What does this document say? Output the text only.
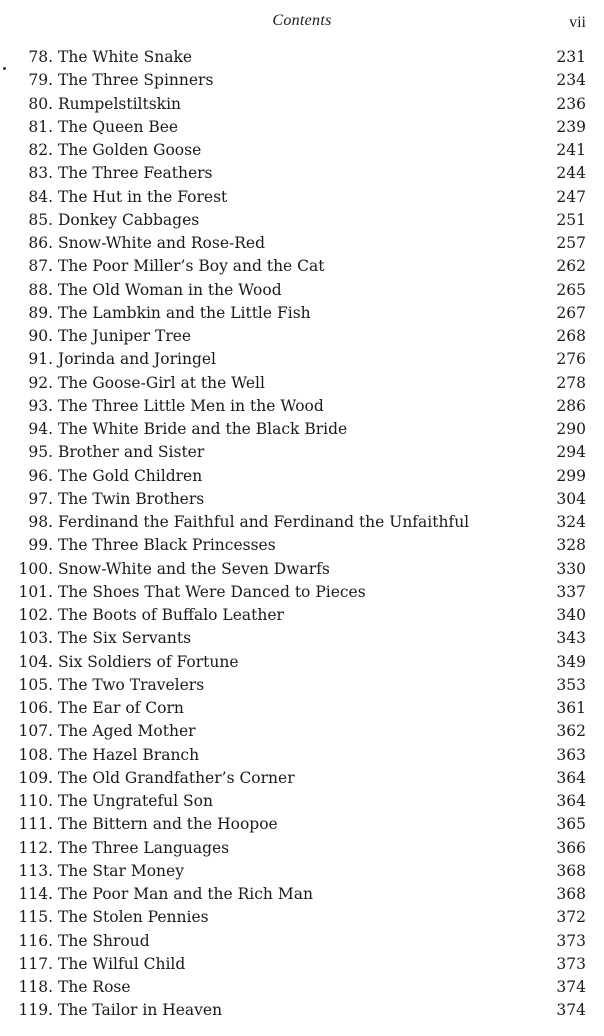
Contents	vii
78. The White Snake	231
79. The Three Spinners	234
80. Rumpelstiltskin	236
81. The Queen Bee	239
82. The Golden Goose	241
83. The Three Feathers	244
84. The Hut in the Forest	247
85. Donkey Cabbages	251
86. Snow-White and Rose-Red	257
87. The Poor Miller’s Boy and the Cat	262
88. The Old Woman in the Wood	265
89. The Lambkin and the Little Fish	267
90. The Juniper Tree	268
91. Jorinda and Joringel	276
92. The Goose-Girl at the Well	278
93. The Three Little Men in the Wood	286
94. The White Bride and the Black Bride	290
95. Brother and Sister	294
96. The Gold Children	299
97. The Twin Brothers	304
98. Ferdinand the Faithful and Ferdinand the Unfaithful	324
99. The Three Black Princesses	328
100. Snow-White and the Seven Dwarfs	330
101. The Shoes That Were Danced to Pieces	337
102. The Boots of Buffalo Leather	340
103. The Six Servants	343
104. Six Soldiers of Fortune	349
105. The Two Travelers	353
106. The Ear of Corn	361
107. The Aged Mother	362
108. The Hazel Branch	363
109. The Old Grandfather’s Corner	364
110. The Ungrateful Son	364
111. The Bittern and the Hoopoe	365
112. The Three Languages	366
113. The Star Money	368
114. The Poor Man and the Rich Man	368
115. The Stolen Pennies	372
116. The Shroud	373
117. The Wilful Child	373
118. The Rose	374
119. The Tailor in Heaven	374
